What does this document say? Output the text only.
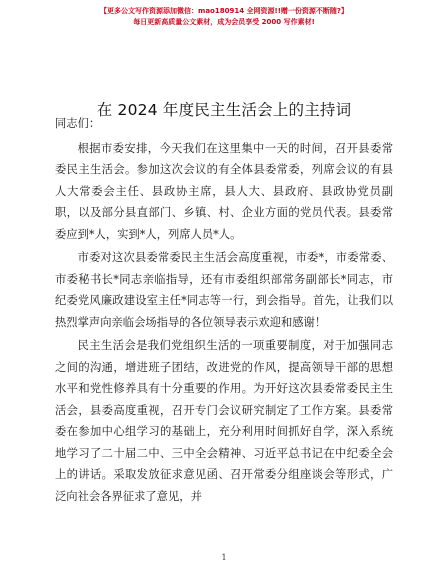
【更多公文写作资源添加微信：mao180914 全网资源!!赠一份资源不断随?】
每日更新高质量公文素材，成为会员享受 2000 写作素材!
在 2024 年度民主生活会上的主持词

同志们：

根据市委安排，今天我们在这里集中一天的时间，召开县委常委民主生活会。参加这次会议的有全体县委常委，列席会议的有县人大常委会主任、县政协主席，县人大、县政府、县政协党员副职，以及部分县直部门、乡镇、村、企业方面的党员代表。县委常委应到*人，实到*人，列席人员*人。

市委对这次县委常委民主生活会高度重视，市委*，市委常委、市委秘书长*同志亲临指导，还有市委组织部常务副部长*同志，市纪委党风廉政建设室主任*同志等一行，到会指导。首先，让我们以热烈掌声向亲临会场指导的各位领导表示欢迎和感谢！

民主生活会是我们党组织生活的一项重要制度，对于加强同志之间的沟通，增进班子团结，改进党的作风，提高领导干部的思想水平和党性修养具有十分重要的作用。为开好这次县委常委民主生活会，县委高度重视，召开专门会议研究制定了工作方案。县委常委在参加中心组学习的基础上，充分利用时间抓好自学，深入系统地学习了二十届二中、三中全会精神、习近平总书记在中纪委全会上的讲话。采取发放征求意见函、召开常委分组座谈会等形式，广泛向社会各界征求了意见，并

1
